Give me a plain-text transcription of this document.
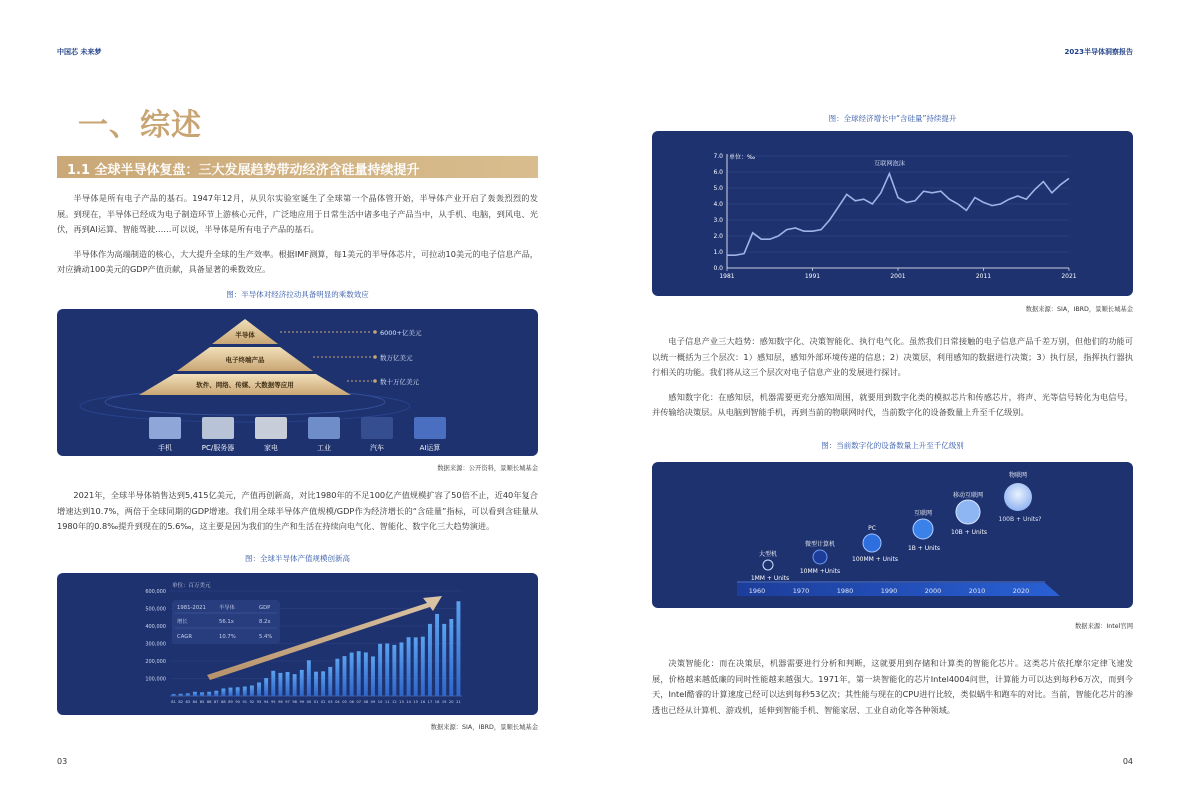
中国芯 未来梦	2023半导体洞察报告
一、综述
1.1 全球半导体复盘：三大发展趋势带动经济含硅量持续提升

半导体是所有电子产品的基石。1947年12月，从贝尔实验室诞生了全球第一个晶体管开始，半导体产业开启了轰轰烈烈的发展。到现在，半导体已经成为电子制造环节上游核心元件，广泛地应用于日常生活中诸多电子产品当中，从手机、电脑，到风电、光伏，再到AI运算、智能驾驶……可以说，半导体是所有电子产品的基石。

半导体作为高端制造的核心，大大提升全球的生产效率。根据IMF测算，每1美元的半导体芯片，可拉动10美元的电子信息产品，对应撬动100美元的GDP产值贡献，具备显著的乘数效应。

图：半导体对经济拉动具备明显的乘数效应
半导体
电子终端产品
软件、网络、传媒、大数据等应用
6000+亿美元
数万亿美元
数十万亿美元
手机	PC/服务器	家电	工业	汽车	AI运算
数据来源：公开资料，景顺长城基金

2021年，全球半导体销售达到5,415亿美元，产值再创新高，对比1980年的不足100亿产值规模扩容了50倍不止，近40年复合增速达到10.7%，两倍于全球同期的GDP增速。我们用全球半导体产值规模/GDP作为经济增长的“含硅量”指标，可以看到含硅量从1980年的0.8‰提升到现在的5.6‰，这主要是因为我们的生产和生活在持续向电气化、智能化、数字化三大趋势演进。

图：全球半导体产值规模创新高
单位：百万美元
100,000
200,000
300,000
400,000
500,000
600,000
81 82 83 84 85 86 87 88 89 90 91 92 93 94 95 96 97 98 99 00 01 02 03 04 05 06 07 08 09 10 11 12 13 14 15 16 17 18 19 20 21
1981-2021 半导体	GDP
增长	56.1x	8.2x
CAGR	10.7%	5.4%
数据来源：SIA，IBRD，景顺长城基金
图：全球经济增长中“含硅量”持续提升
0.0
1.0
2.0
3.0
4.0
5.0
6.0
7.0
1981	1991	2001	2011	2021
单位：‰
互联网泡沫
数据来源：SIA，IBRD，景顺长城基金

电子信息产业三大趋势：感知数字化、决策智能化、执行电气化。虽然我们日常接触的电子信息产品千差万别，但他们的功能可以统一概括为三个层次：1）感知层，感知外部环境传递的信息；2）决策层，利用感知的数据进行决策；3）执行层，指挥执行器执行相关的功能。我们将从这三个层次对电子信息产业的发展进行探讨。

感知数字化：在感知层，机器需要更充分感知周围，就要用到数字化类的模拟芯片和传感芯片，将声、光等信号转化为电信号，并传输给决策层。从电脑到智能手机，再到当前的物联网时代，当前数字化的设备数量上升至千亿级别。

图：当前数字化的设备数量上升至千亿级别
1960	1970	1980	1990	2000	2010	2020
大型机
1MM + Units
微型计算机
10MM +Units
PC
100MM + Units
互联网
1B + Units
移动互联网
10B + Units
物联网
100B + Units?
数据来源：Intel官网

决策智能化：而在决策层，机器需要进行分析和判断，这就要用到存储和计算类的智能化芯片。这类芯片依托摩尔定律飞速发展，价格越来越低廉的同时性能越来越强大。1971年，第一块智能化的芯片Intel4004问世，计算能力可以达到每秒6万次，而到今天，Intel酷睿的计算速度已经可以达到每秒53亿次；其性能与现在的CPU进行比较，类似蜗牛和跑车的对比。当前，智能化芯片的渗透也已经从计算机、游戏机，延伸到智能手机、智能家居、工业自动化等各种领域。

03	04
